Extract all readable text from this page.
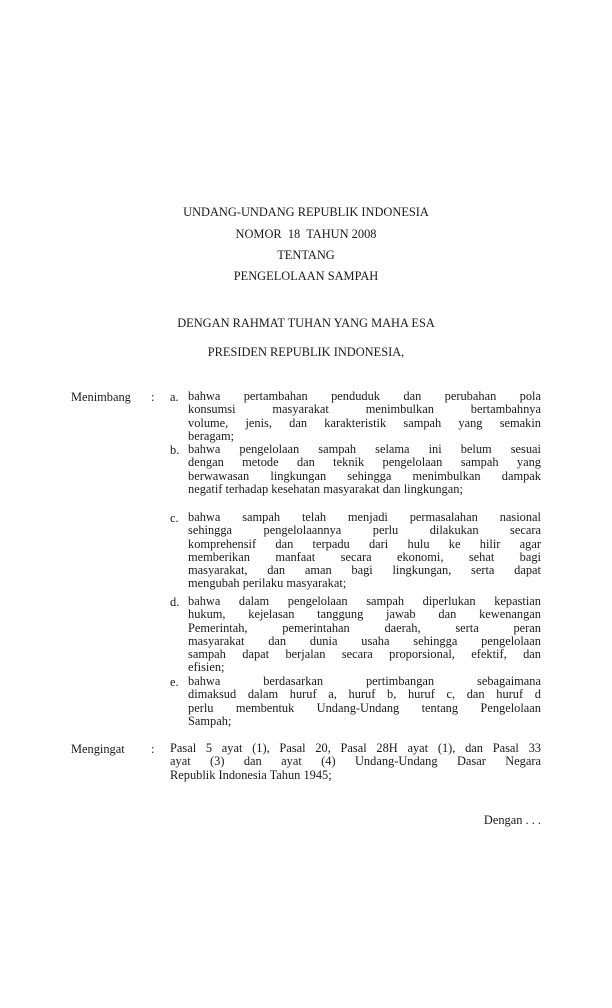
UNDANG-UNDANG REPUBLIK INDONESIA
NOMOR  18  TAHUN 2008
TENTANG
PENGELOLAAN SAMPAH
DENGAN RAHMAT TUHAN YANG MAHA ESA
PRESIDEN REPUBLIK INDONESIA,
Menimbang : a. bahwa pertambahan penduduk dan perubahan pola
konsumsi masyarakat menimbulkan bertambahnya
volume, jenis, dan karakteristik sampah yang semakin
beragam;
b. bahwa pengelolaan sampah selama ini belum sesuai
dengan metode dan teknik pengelolaan sampah yang
berwawasan lingkungan sehingga menimbulkan dampak
negatif terhadap kesehatan masyarakat dan lingkungan;
c. bahwa sampah telah menjadi permasalahan nasional
sehingga pengelolaannya perlu dilakukan secara
komprehensif dan terpadu dari hulu ke hilir agar
memberikan manfaat secara ekonomi, sehat bagi
masyarakat, dan aman bagi lingkungan, serta dapat
mengubah perilaku masyarakat;
d. bahwa dalam pengelolaan sampah diperlukan kepastian
hukum, kejelasan tanggung jawab dan kewenangan
Pemerintah, pemerintahan daerah, serta peran
masyarakat dan dunia usaha sehingga pengelolaan
sampah dapat berjalan secara proporsional, efektif, dan
efisien;
e. bahwa berdasarkan pertimbangan sebagaimana
dimaksud dalam huruf a, huruf b, huruf c, dan huruf d
perlu membentuk Undang-Undang tentang Pengelolaan
Sampah;
Mengingat : Pasal 5 ayat (1), Pasal 20, Pasal 28H ayat (1), dan Pasal 33
ayat (3) dan ayat (4) Undang-Undang Dasar Negara
Republik Indonesia Tahun 1945;
Dengan . . .
